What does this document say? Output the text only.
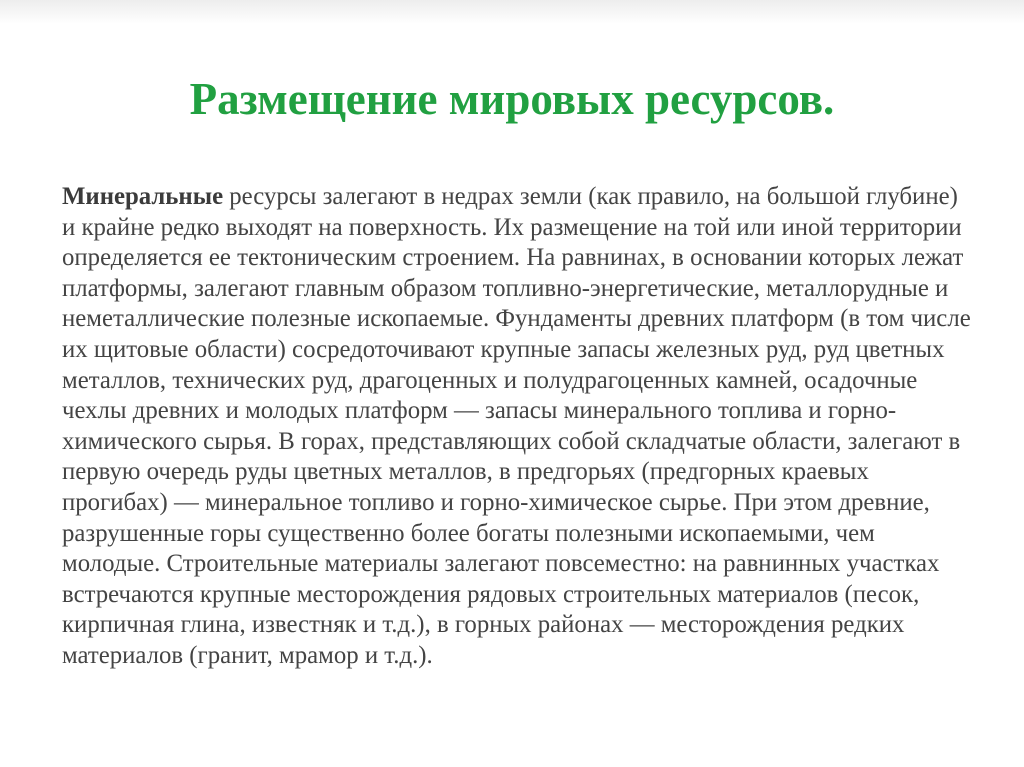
Размещение мировых ресурсов.

Минеральные ресурсы залегают в недрах земли (как правило, на большой глубине) и крайне редко выходят на поверхность. Их размещение на той или иной территории определяется ее тектоническим строением. На равнинах, в основании которых лежат платформы, залегают главным образом топливно-энергетические, металлорудные и неметаллические полезные ископаемые. Фундаменты древних платформ (в том числе их щитовые области) сосредоточивают крупные запасы железных руд, руд цветных металлов, технических руд, драгоценных и полудрагоценных камней, осадочные чехлы древних и молодых платформ — запасы минерального топлива и горно- химического сырья. В горах, представляющих собой складчатые области, залегают в первую очередь руды цветных металлов, в предгорьях (предгорных краевых прогибах) — минеральное топливо и горно-химическое сырье. При этом древние, разрушенные горы существенно более богаты полезными ископаемыми, чем молодые. Строительные материалы залегают повсеместно: на равнинных участках встречаются крупные месторождения рядовых строительных материалов (песок, кирпичная глина, известняк и т.д.), в горных районах — месторождения редких материалов (гранит, мрамор и т.д.).
